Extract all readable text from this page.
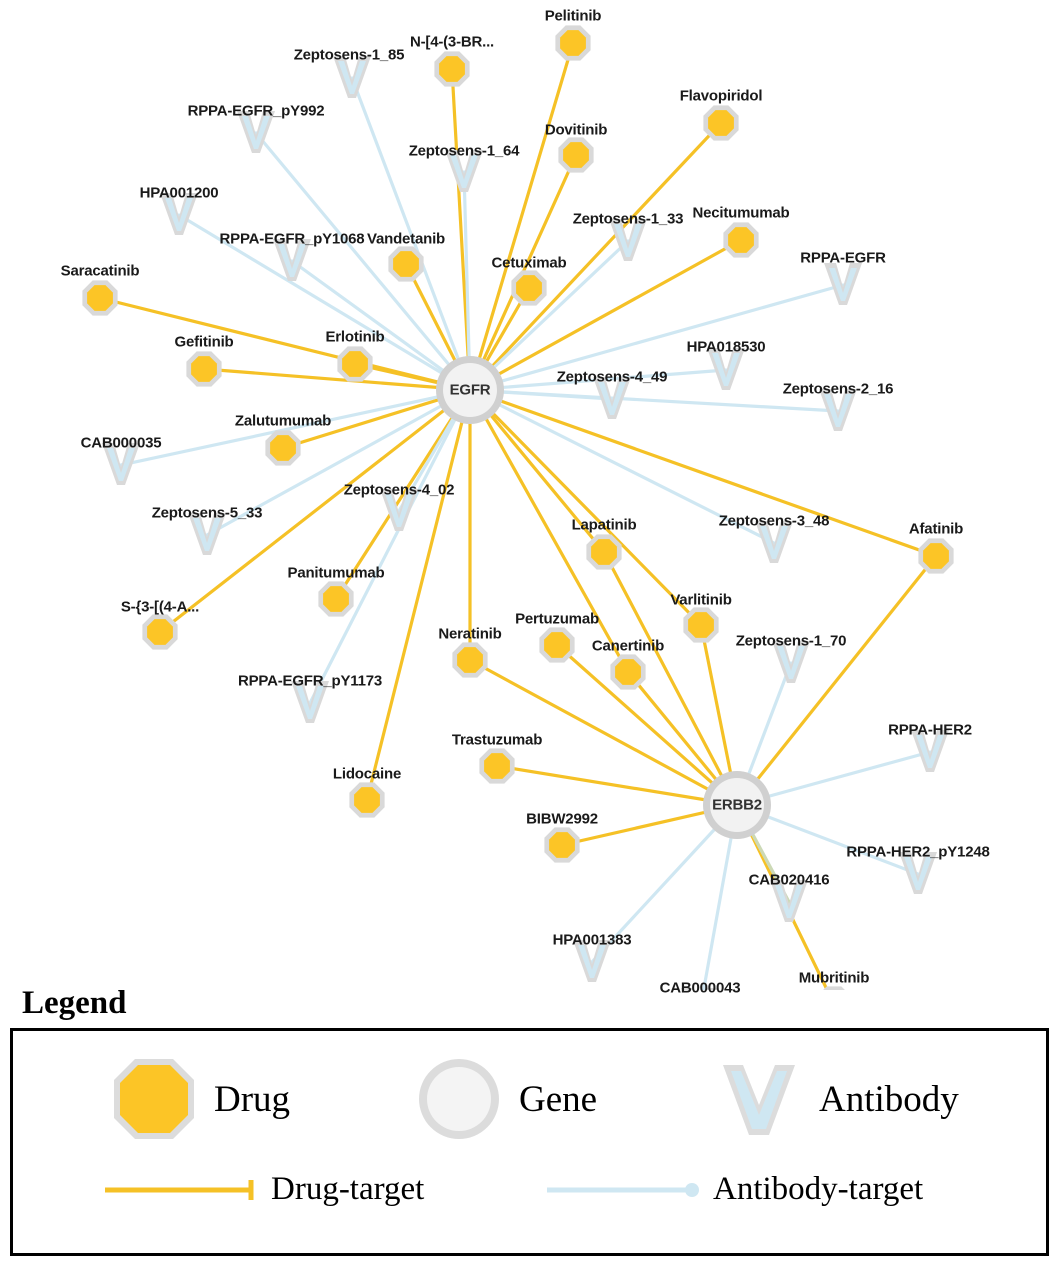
Pelitinib
N-[4-(3-BR...
Dovitinib
Flavopiridol
Necitumumab
Vandetanib
Cetuximab
Saracatinib
Gefitinib	Erlotinib
Zalutumumab
Panitumumab
S-{3-[(4-A...
Lidocaine
Lapatinib	Afatinib
Varlitinib
Pertuzumab
Canertinib
Neratinib
Trastuzumab
BIBW2992
Mubritinib
Zeptosens-1_85
RPPA-EGFR_pY992
Zeptosens-1_64
HPA001200
RPPA-EGFR_pY1068
Zeptosens-1_33
RPPA-EGFR
HPA018530
Zeptosens-4_49
Zeptosens-2_16
CAB000035
Zeptosens-4_02
Zeptosens-5_33	Zeptosens-3_48
RPPA-EGFR_pY1173
Zeptosens-1_70
RPPA-HER2
RPPA-HER2_pY1248
CAB020416
HPA001383
CAB000043
EGFR
ERBB2
Legend
Drug	Gene	Antibody
Drug-target	Antibody-target
